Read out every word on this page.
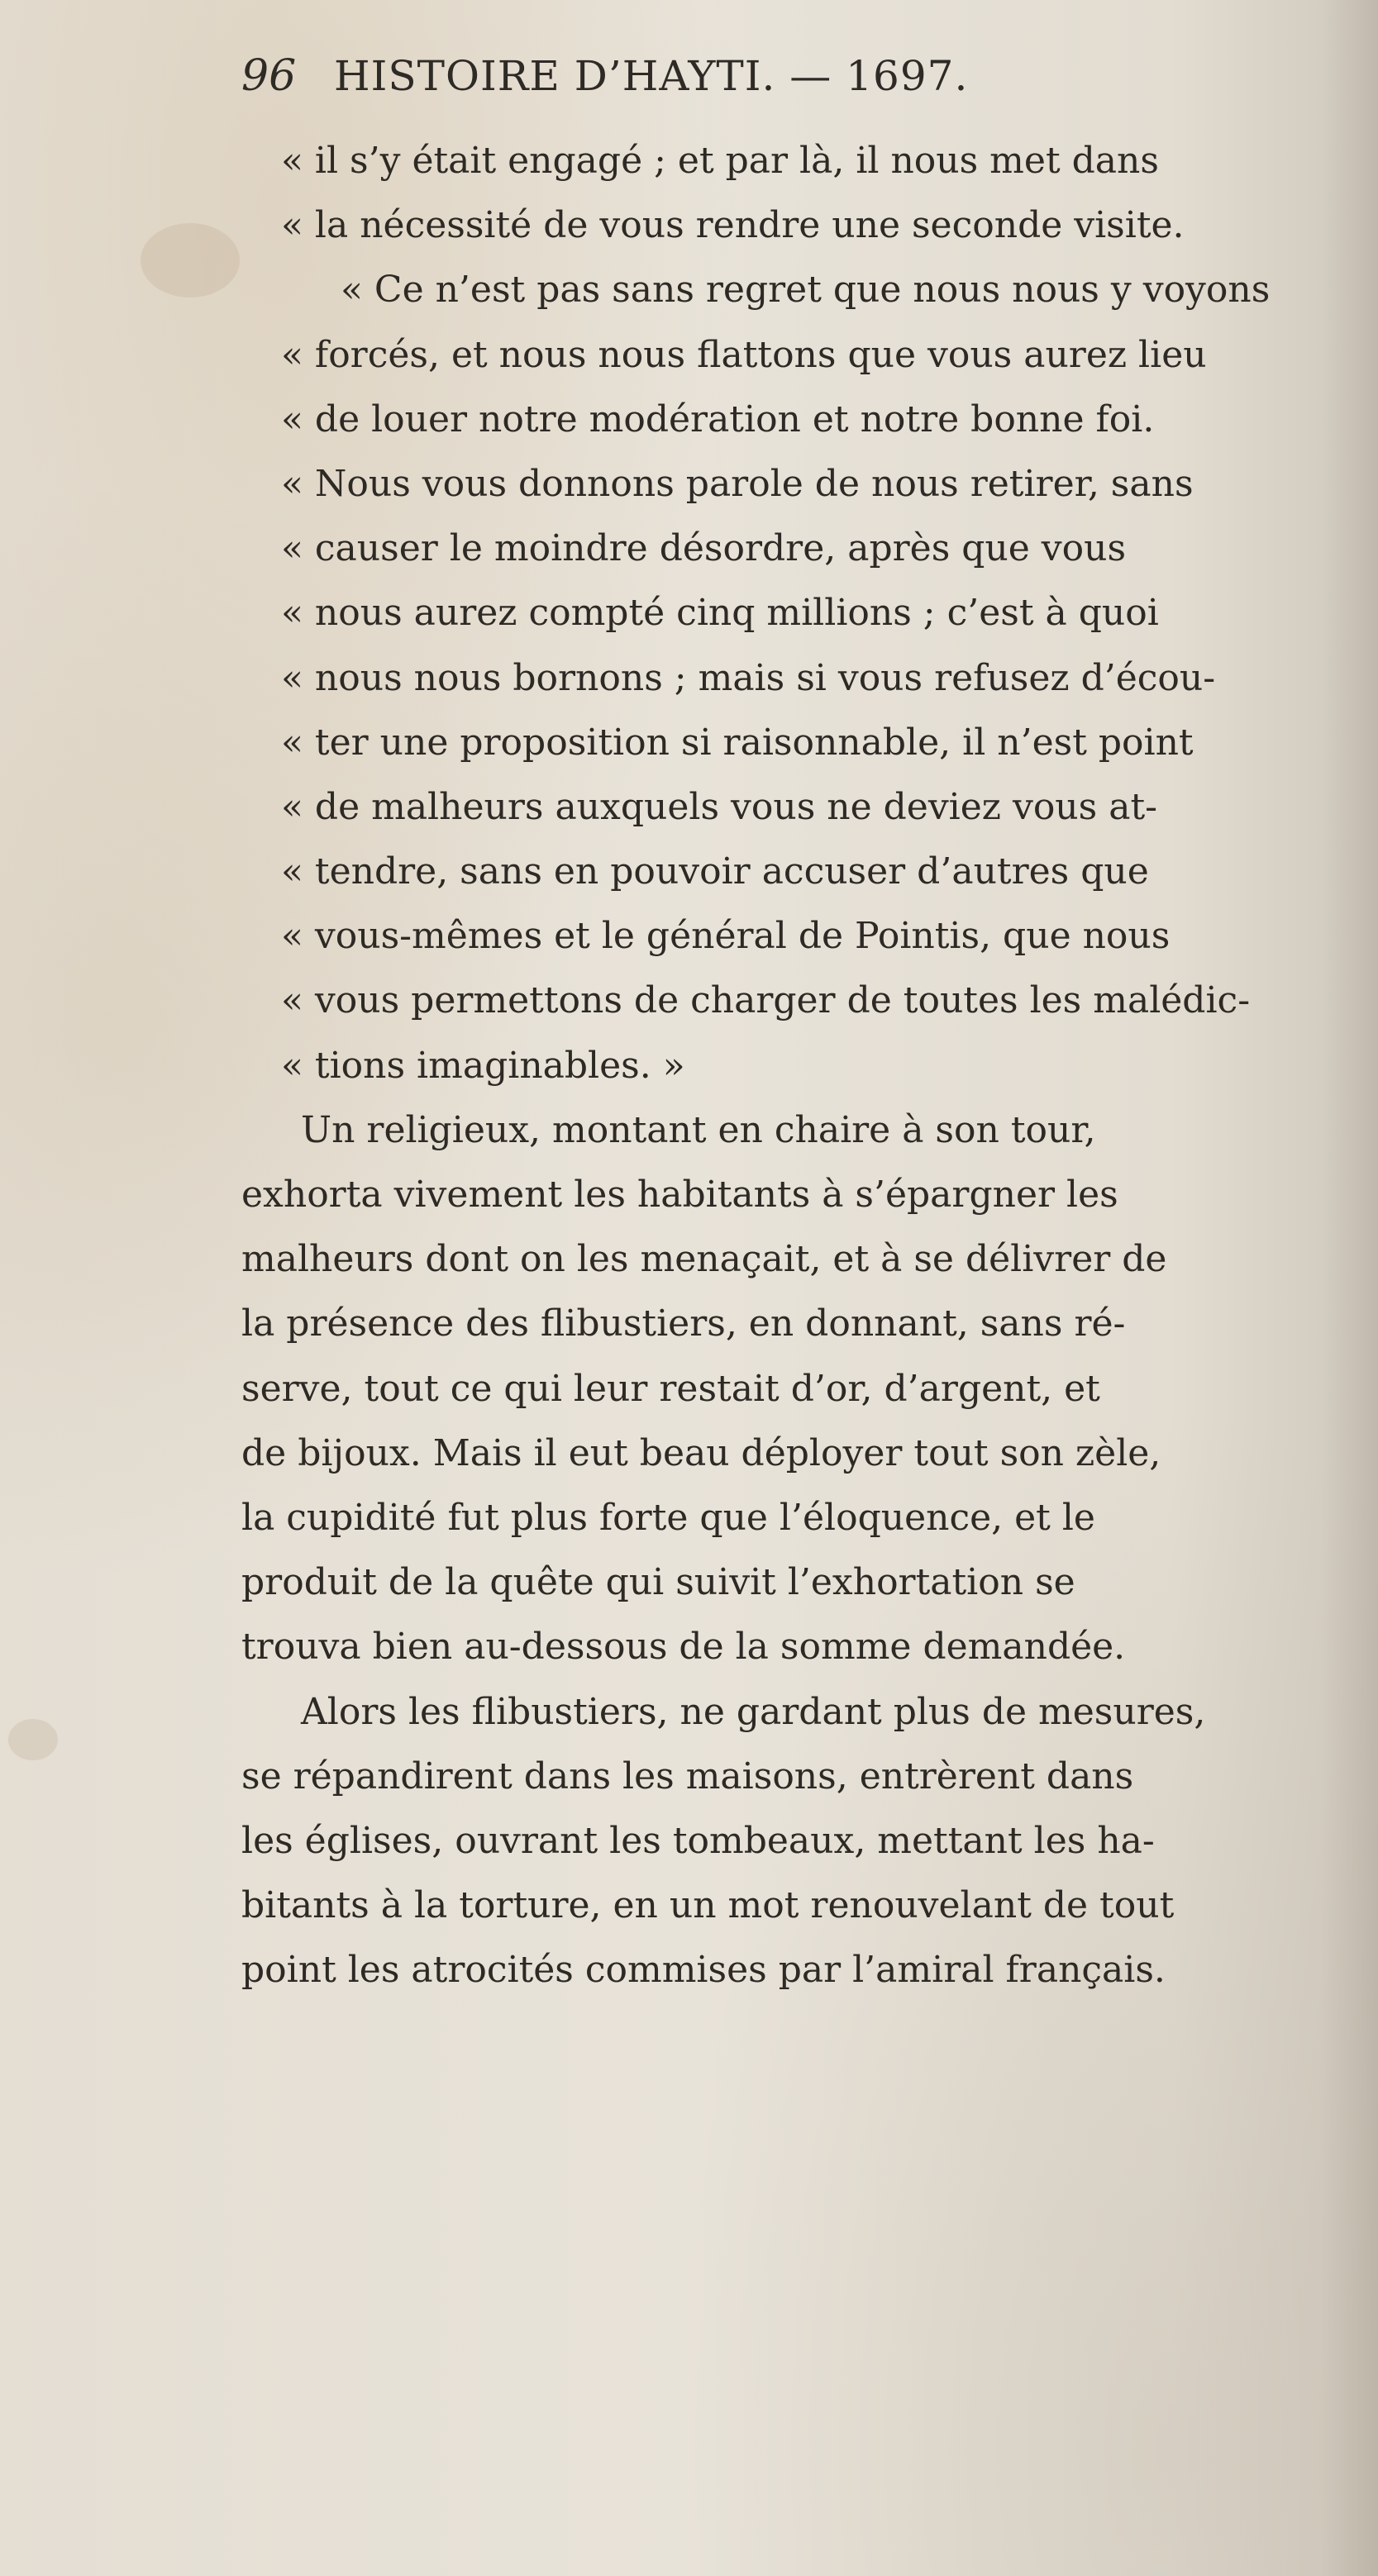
96 HISTOIRE D’HAYTI. — 1697.
« il s’y était engagé ; et par là, il nous met dans
« la nécessité de vous rendre une seconde visite.
« Ce n’est pas sans regret que nous nous y voyons
« forcés, et nous nous flattons que vous aurez lieu
« de louer notre modération et notre bonne foi.
« Nous vous donnons parole de nous retirer, sans
« causer le moindre désordre, après que vous
« nous aurez compté cinq millions ; c’est à quoi
« nous nous bornons ; mais si vous refusez d’écou-
« ter une proposition si raisonnable, il n’est point
« de malheurs auxquels vous ne deviez vous at-
« tendre, sans en pouvoir accuser d’autres que
« vous-mêmes et le général de Pointis, que nous
« vous permettons de charger de toutes les malédic-
« tions imaginables. »
Un religieux, montant en chaire à son tour,
exhorta vivement les habitants à s’épargner les
malheurs dont on les menaçait, et à se délivrer de
la présence des flibustiers, en donnant, sans ré-
serve, tout ce qui leur restait d’or, d’argent, et
de bijoux. Mais il eut beau déployer tout son zèle,
la cupidité fut plus forte que l’éloquence, et le
produit de la quête qui suivit l’exhortation se
trouva bien au-dessous de la somme demandée.
Alors les flibustiers, ne gardant plus de mesures,
se répandirent dans les maisons, entrèrent dans
les églises, ouvrant les tombeaux, mettant les ha-
bitants à la torture, en un mot renouvelant de tout
point les atrocités commises par l’amiral français.
